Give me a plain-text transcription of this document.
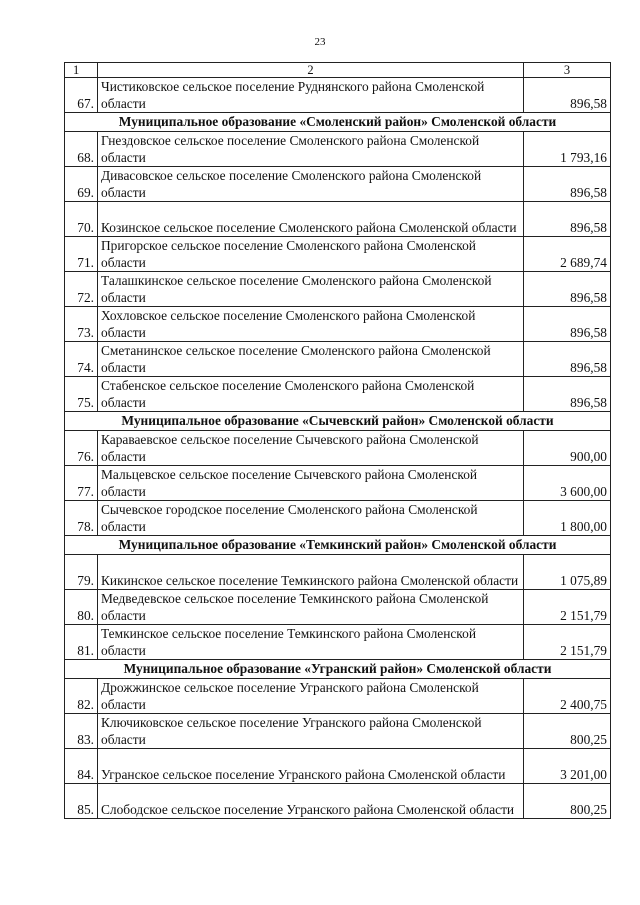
23
1	2	3
67.	Чистиковское сельское поселение Руднянского района Смоленской области	896,58
Муниципальное образование «Смоленский район» Смоленской области		
68.	Гнездовское сельское поселение Смоленского района Смоленской области	1 793,16
69.	Дивасовское сельское поселение Смоленского района Смоленской области	896,58
70.	Козинское сельское поселение Смоленского района Смоленской области	896,58
71.	Пригорское сельское поселение Смоленского района Смоленской области	2 689,74
72.	Талашкинское сельское поселение Смоленского района Смоленской области	896,58
73.	Хохловское сельское поселение Смоленского района Смоленской области	896,58
74.	Сметанинское сельское поселение Смоленского района Смоленской области	896,58
75.	Стабенское сельское поселение Смоленского района Смоленской области	896,58
Муниципальное образование «Сычевский район» Смоленской области		
76.	Караваевское сельское поселение Сычевского района Смоленской области	900,00
77.	Мальцевское сельское поселение Сычевского района Смоленской области	3 600,00
78.	Сычевское городское поселение Смоленского района Смоленской области	1 800,00
Муниципальное образование «Темкинский район» Смоленской области		
79.	Кикинское сельское поселение Темкинского района Смоленской области	1 075,89
80.	Медведевское сельское поселение Темкинского района Смоленской области	2 151,79
81.	Темкинское сельское поселение Темкинского района Смоленской области	2 151,79
Муниципальное образование «Угранский район» Смоленской области		
82.	Дрожжинское сельское поселение Угранского района Смоленской области	2 400,75
83.	Ключиковское сельское поселение Угранского района Смоленской области	800,25
84.	Угранское сельское поселение Угранского района Смоленской области	3 201,00
85.	Слободское сельское поселение Угранского района Смоленской области	800,25
